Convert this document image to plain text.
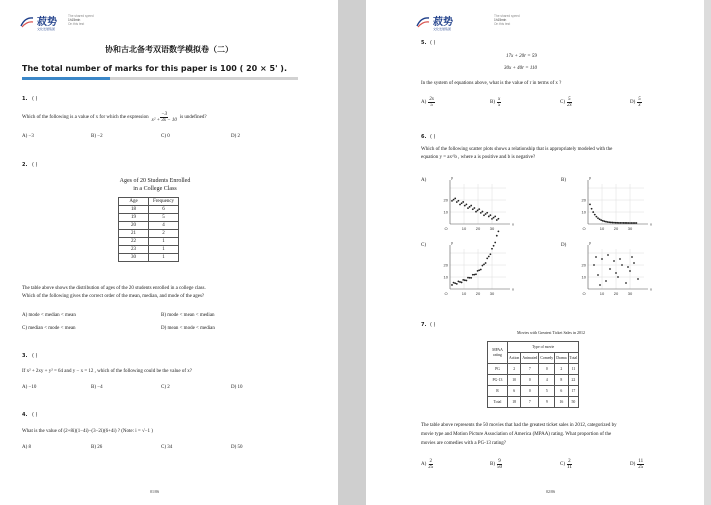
菽势
文化发展集团
The shared speed
1h15min
On this test
协和古北备考双语数学模拟卷（二）
The total number of marks for this paper is 100 ( 20 × 5' ).
1. ( )
Which of the following is a value of x for which the expression $\frac{-3}{\text{x² + 3x − 10}}$ is undefined?
A) −3	B) −2	C) 0	D) 2
2. ( )
Ages of 20 Students Enrolled
in a College Class
Age	Frequency
18	6
19	5
20	4
21	2
22	1
23	1
30	1
The table above shows the distribution of ages of the 20 students enrolled in a college class.
Which of the following gives the correct order of the mean, median, and mode of the ages?
A) mode < median < mean	B) mode < mean < median
C) median < mode < mean	D) mean < mode < median
3. ( )
If x² + 2xy + y² = 64 and y − x = 12 , which of the following could be the value of x?
A) −10	B) −4	C) 2	D) 10
4. ( )
What is the value of (2+8i)(1−4i)−(3−2i)(6+4i) ? (Note: i = √−1 )
A) 8	B) 26	C) 34	D) 50
01/06
菽势
文化发展集团
The shared speed
1h15min
On this test
5. ( )
17x + 20r = 59
30x + 40r = 110
In the system of equations above, what is the value of r in terms of x ?
$A) \frac{2x}{5}$	$B) \frac{x}{5}$	$C) \frac{5}{2x}$	$D) \frac{5}{x}$
6. ( )
Which of the following scatter plots shows a relationship that is appropriately modeled with the
equation y = ax^b , where a is positive and b is negative?
A)	B)
C)	D)
10 20 30
20
10
O
x
y
10 20 30
20
10
O
x
y
10 20 30
20
10
O
x
y
10 20 30
20
10
O
x
y
7. ( )
Movies with Greatest Ticket Sales in 2012
MPAA
rating	Type of movie				
	Action	Animated	Comedy	Drama	Total
PG	2	7	0	2	11
PG-13	10	0	4	8	22
R	6	0	5	6	17
Total	18	7	9	16	50
The table above represents the 50 movies that had the greatest ticket sales in 2012, categorized by
movie type and Motion Picture Association of America (MPAA) rating. What proportion of the
movies are comedies with a PG-13 rating?
$A) \frac{2}{25}$	$B) \frac{9}{50}$	$C) \frac{2}{11}$	$D) \frac{11}{25}$
02/06
